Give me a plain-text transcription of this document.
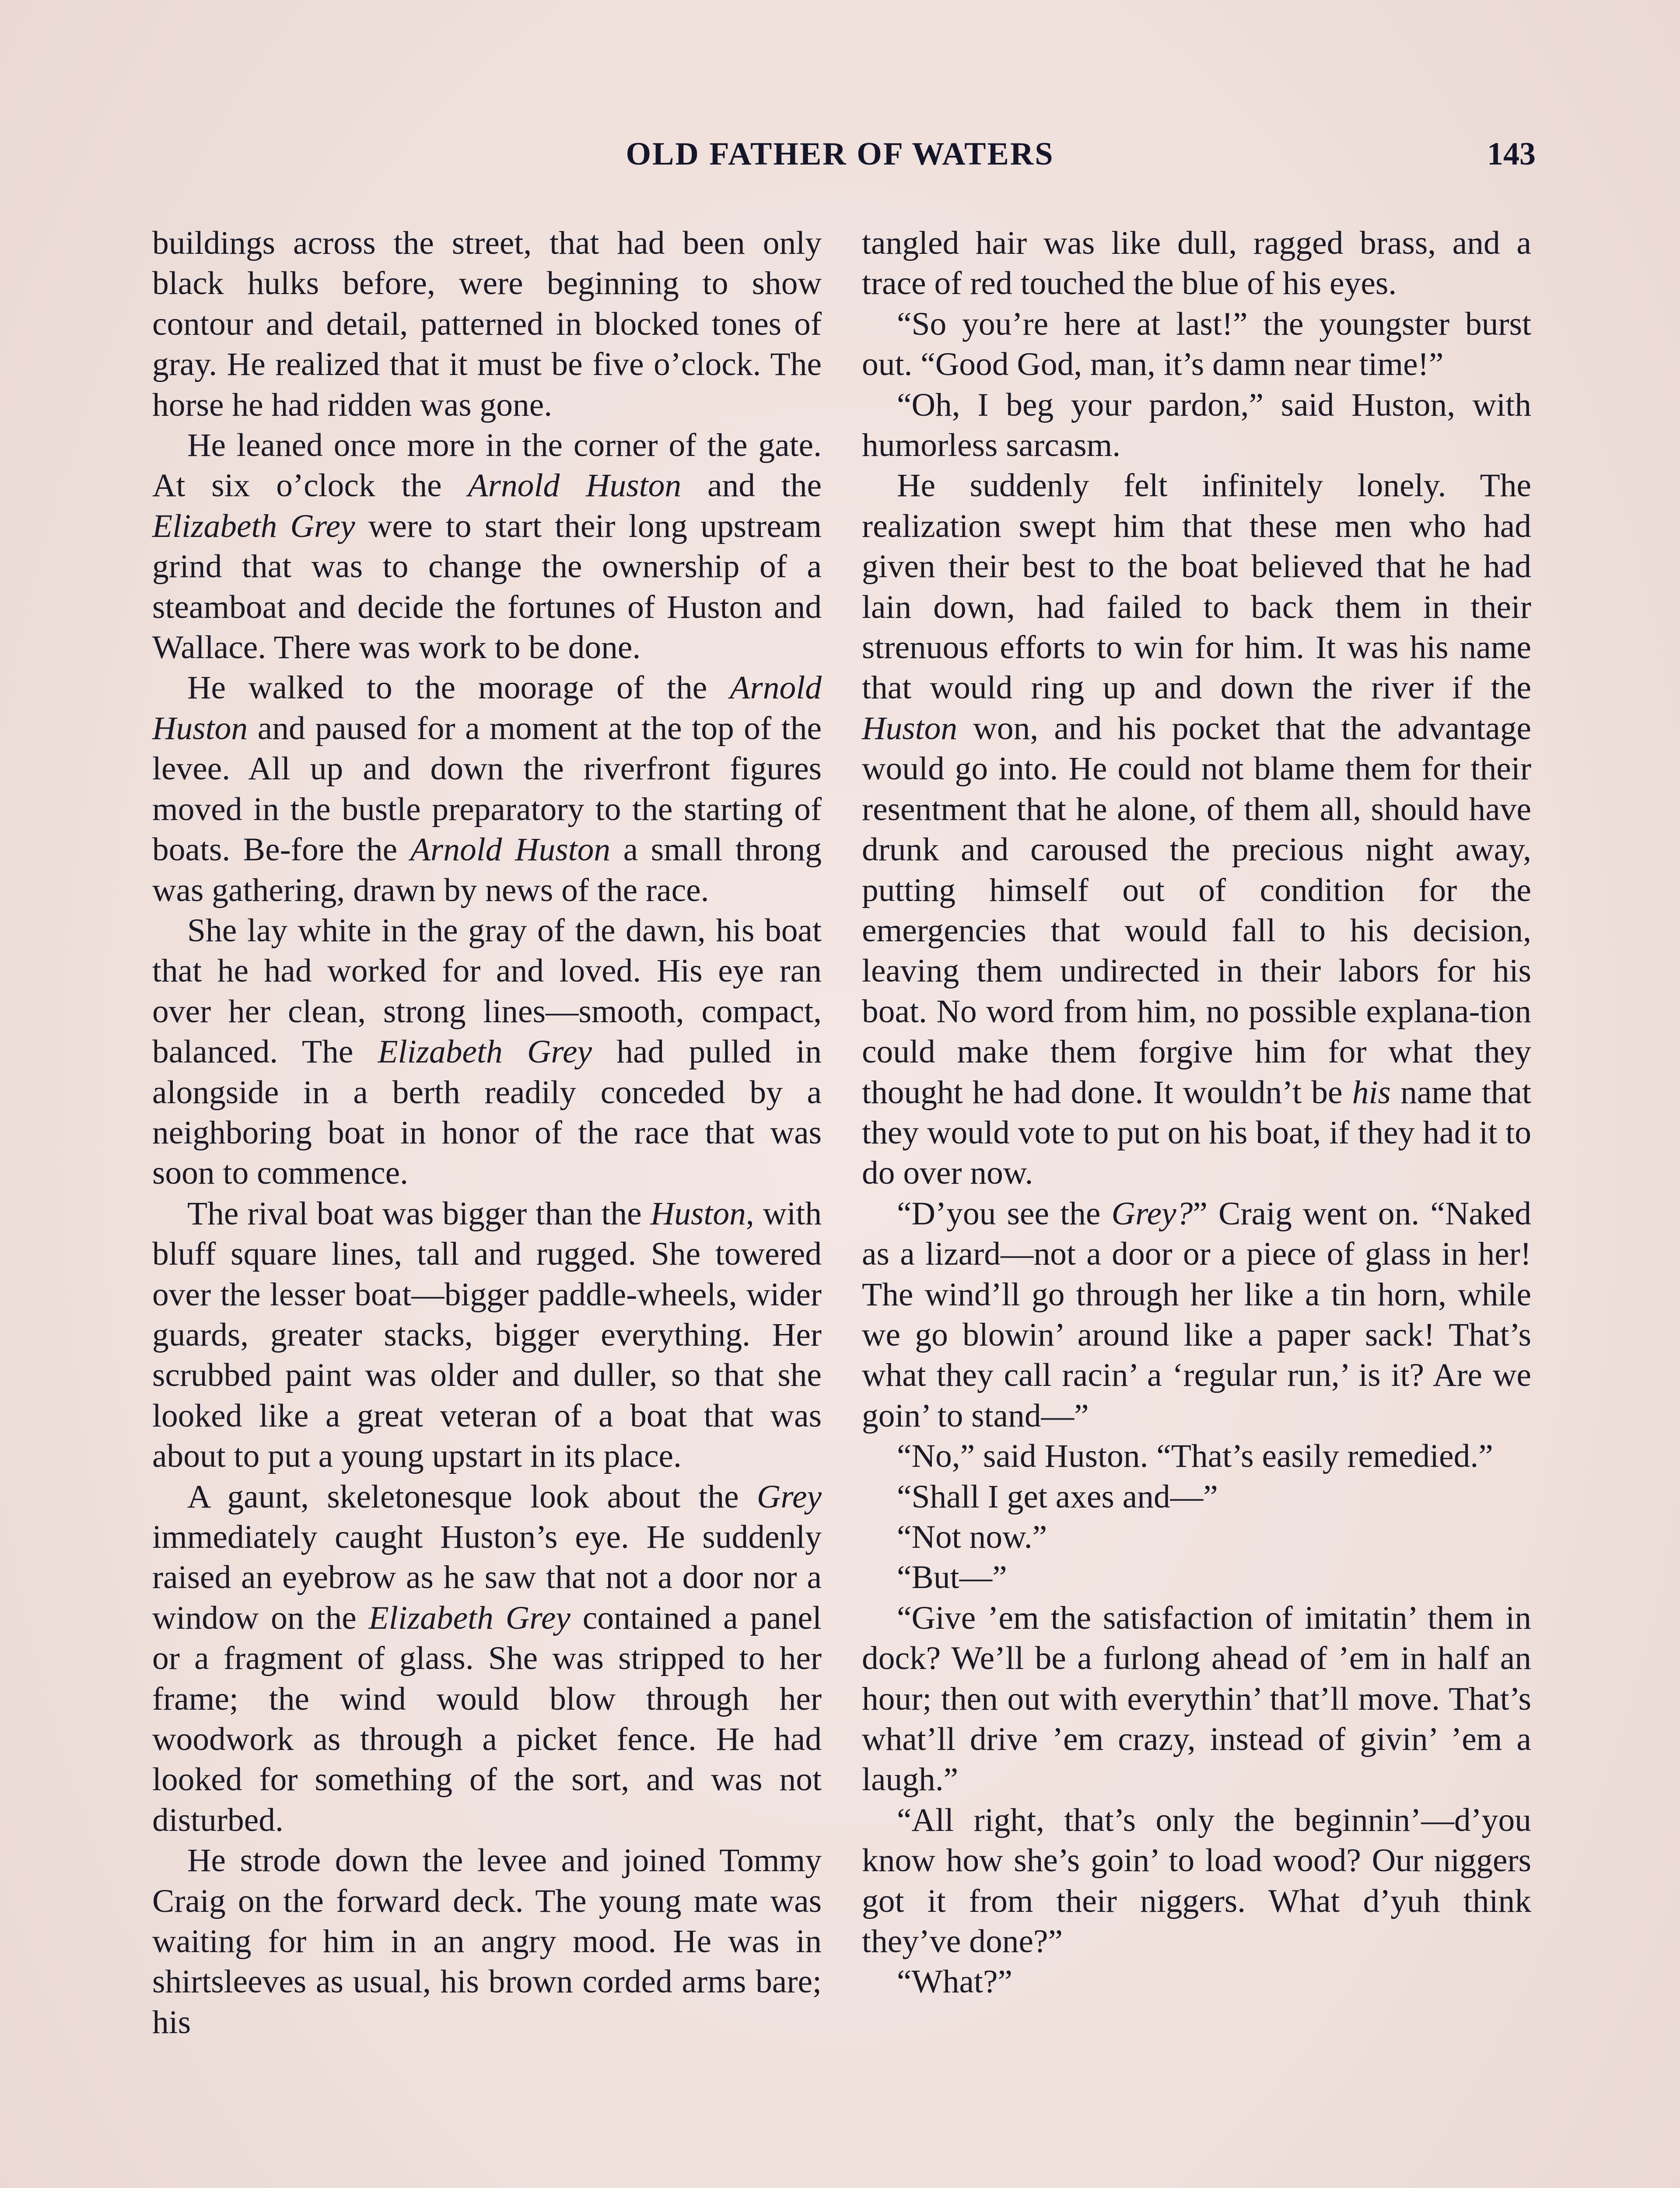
OLD FATHER OF WATERS	143

buildings across the street, that had been only black hulks before, were beginning to show contour and detail, patterned in blocked tones of gray. He realized that it must be five o’clock. The horse he had ridden was gone.

He leaned once more in the corner of the gate. At six o’clock the Arnold Huston and the Elizabeth Grey were to start their long upstream grind that was to change the ownership of a steamboat and decide the fortunes of Huston and Wallace. There was work to be done.

He walked to the moorage of the Arnold Huston and paused for a moment at the top of the levee. All up and down the riverfront figures moved in the bustle preparatory to the starting of boats. Be-fore the Arnold Huston a small throng was gathering, drawn by news of the race.

She lay white in the gray of the dawn, his boat that he had worked for and loved. His eye ran over her clean, strong lines—smooth, compact, balanced. The Elizabeth Grey had pulled in alongside in a berth readily conceded by a neighboring boat in honor of the race that was soon to commence.

The rival boat was bigger than the Huston, with bluff square lines, tall and rugged. She towered over the lesser boat—bigger paddle-wheels, wider guards, greater stacks, bigger everything. Her scrubbed paint was older and duller, so that she looked like a great veteran of a boat that was about to put a young upstart in its place.

A gaunt, skeletonesque look about the Grey immediately caught Huston’s eye. He suddenly raised an eyebrow as he saw that not a door nor a window on the Elizabeth Grey contained a panel or a fragment of glass. She was stripped to her frame; the wind would blow through her woodwork as through a picket fence. He had looked for something of the sort, and was not disturbed.

He strode down the levee and joined Tommy Craig on the forward deck. The young mate was waiting for him in an angry mood. He was in shirtsleeves as usual, his brown corded arms bare; his

tangled hair was like dull, ragged brass, and a trace of red touched the blue of his eyes.

“So you’re here at last!” the youngster burst out. “Good God, man, it’s damn near time!”

“Oh, I beg your pardon,” said Huston, with humorless sarcasm.

He suddenly felt infinitely lonely. The realization swept him that these men who had given their best to the boat believed that he had lain down, had failed to back them in their strenuous efforts to win for him. It was his name that would ring up and down the river if the Huston won, and his pocket that the advantage would go into. He could not blame them for their resentment that he alone, of them all, should have drunk and caroused the precious night away, putting himself out of condition for the emergencies that would fall to his decision, leaving them undirected in their labors for his boat. No word from him, no possible explana-tion could make them forgive him for what they thought he had done. It wouldn’t be his name that they would vote to put on his boat, if they had it to do over now.

“D’you see the Grey?” Craig went on. “Naked as a lizard—not a door or a piece of glass in her! The wind’ll go through her like a tin horn, while we go blowin’ around like a paper sack! That’s what they call racin’ a ‘regular run,’ is it? Are we goin’ to stand—”

“No,” said Huston. “That’s easily remedied.”

“Shall I get axes and—”

“Not now.”

“But—”

“Give ’em the satisfaction of imitatin’ them in dock? We’ll be a furlong ahead of ’em in half an hour; then out with everythin’ that’ll move. That’s what’ll drive ’em crazy, instead of givin’ ’em a laugh.”

“All right, that’s only the beginnin’—d’you know how she’s goin’ to load wood? Our niggers got it from their niggers. What d’yuh think they’ve done?”

“What?”
